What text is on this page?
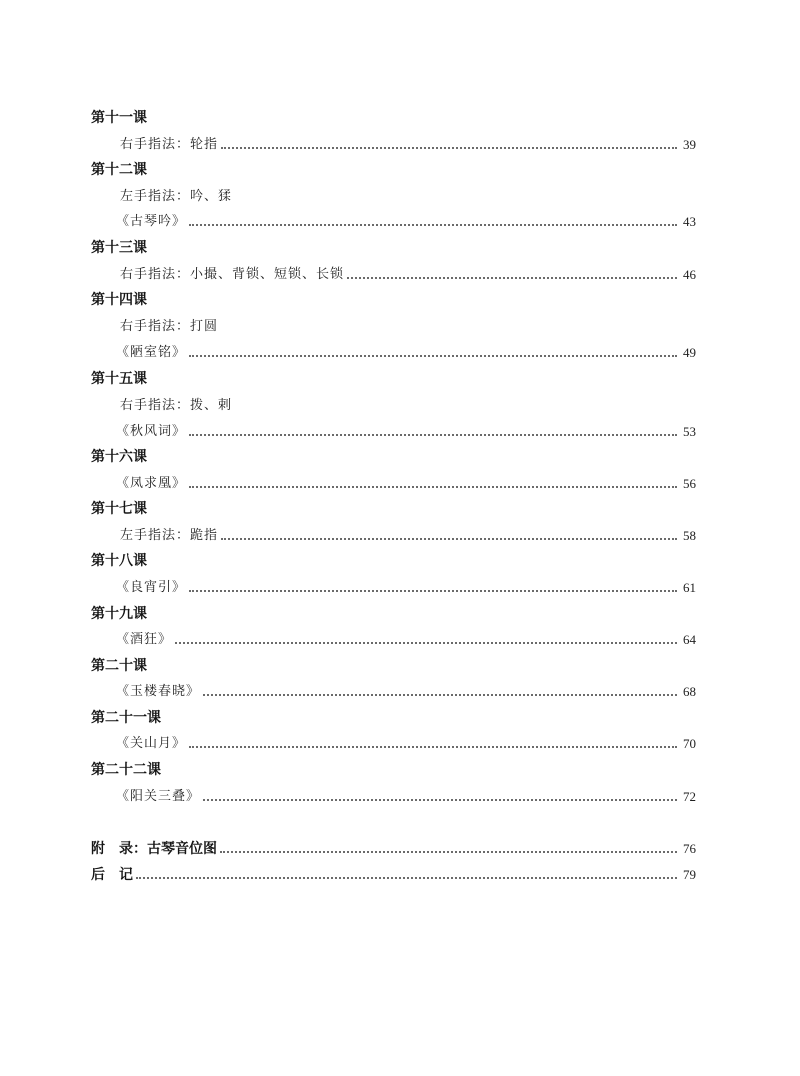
第十一课
右手指法：轮指	39
第十二课
左手指法：吟、猱
《古琴吟》	43
第十三课
右手指法：小撮、背锁、短锁、长锁	46
第十四课
右手指法：打圆
《陋室铭》	49
第十五课
右手指法：拨、剌
《秋风词》	53
第十六课
《凤求凰》	56
第十七课
左手指法：跪指	58
第十八课
《良宵引》	61
第十九课
《酒狂》	64
第二十课
《玉楼春晓》	68
第二十一课
《关山月》	70
第二十二课
《阳关三叠》	72
附　录：古琴音位图	76
后　记	79
